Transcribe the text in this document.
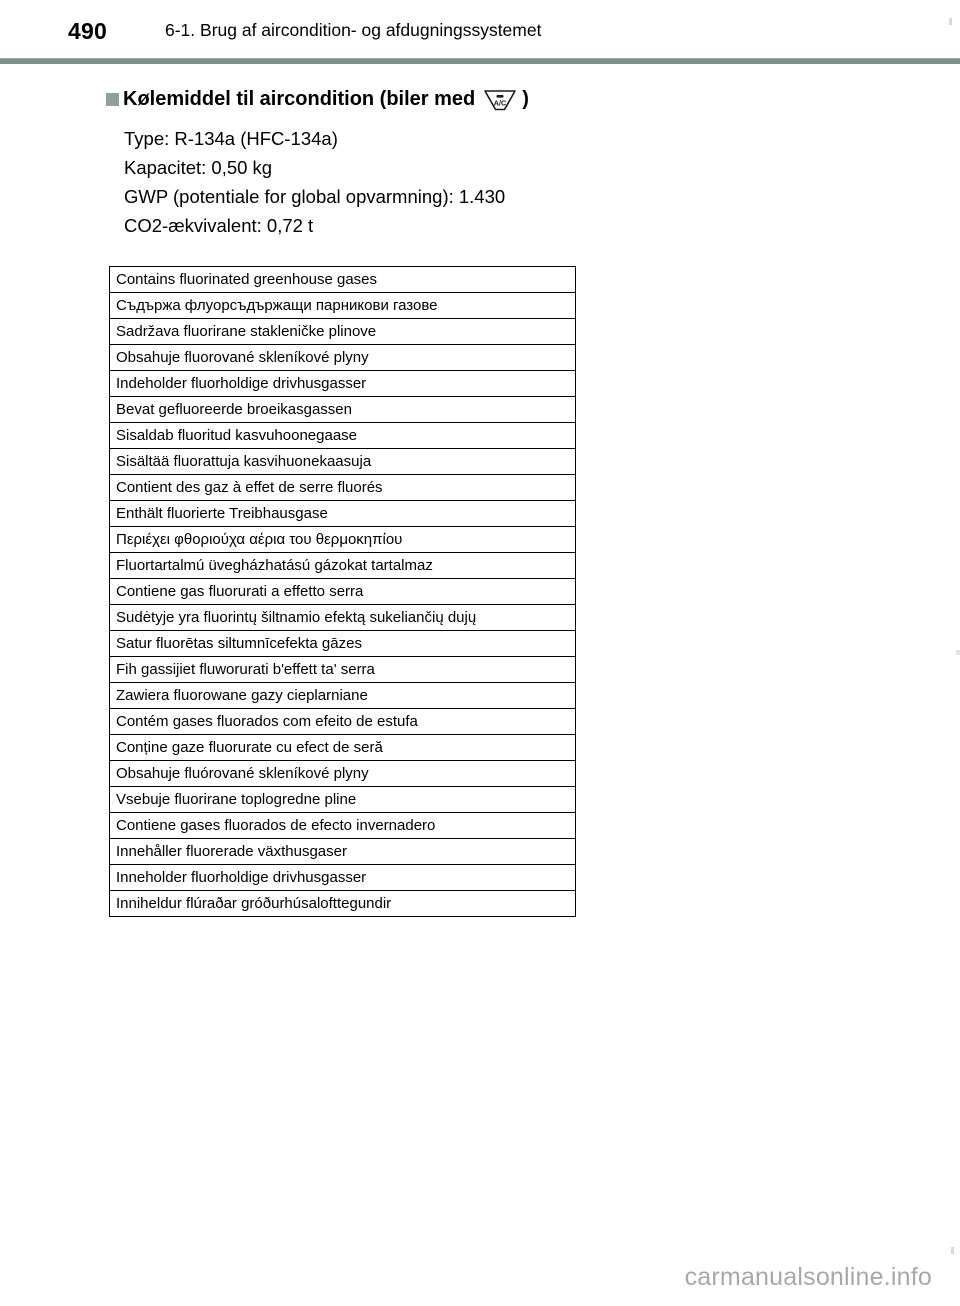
490	6-1. Brug af aircondition- og afdugningssystemet
Kølemiddel til aircondition (biler med	A/C )
Type: R-134a (HFC-134a)
Kapacitet: 0,50 kg
GWP (potentiale for global opvarmning): 1.430
CO2-ækvivalent: 0,72 t
Contains fluorinated greenhouse gases
Съдържа флуорсъдържащи парникови газове
Sadržava fluorirane stakleničke plinove
Obsahuje fluorované skleníkové plyny
Indeholder fluorholdige drivhusgasser
Bevat gefluoreerde broeikasgassen
Sisaldab fluoritud kasvuhoonegaase
Sisältää fluorattuja kasvihuonekaasuja
Contient des gaz à effet de serre fluorés
Enthält fluorierte Treibhausgase
Περιέχει φθοριούχα αέρια του θερμοκηπίου
Fluortartalmú üvegházhatású gázokat tartalmaz
Contiene gas fluorurati a effetto serra
Sudėtyje yra fluorintų šiltnamio efektą sukeliančių dujų
Satur fluorētas siltumnīcefekta gāzes
Fih gassijiet fluworurati b'effett ta' serra
Zawiera fluorowane gazy cieplarniane
Contém gases fluorados com efeito de estufa
Conține gaze fluorurate cu efect de seră
Obsahuje fluórované skleníkové plyny
Vsebuje fluorirane toplogredne pline
Contiene gases fluorados de efecto invernadero
Innehåller fluorerade växthusgaser
Inneholder fluorholdige drivhusgasser
Inniheldur flúraðar gróðurhúsalofttegundir
carmanualsonline.info
